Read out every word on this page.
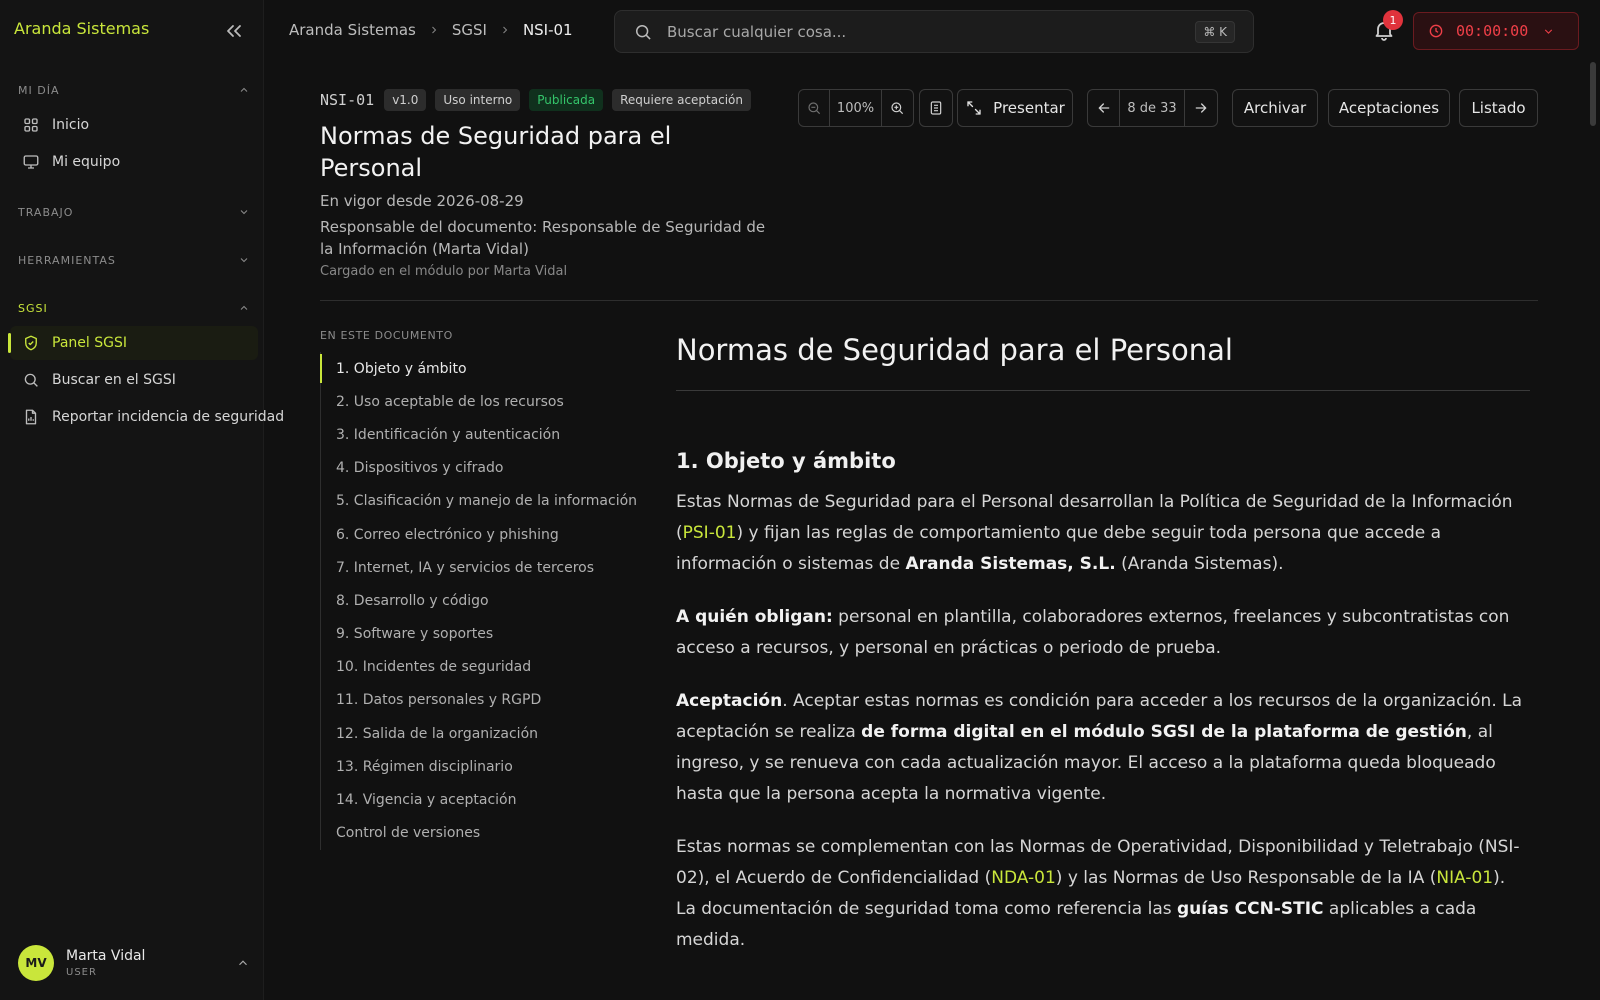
Aranda Sistemas
MI DÍA
Inicio
Mi equipo
TRABAJO
HERRAMIENTAS
SGSI
Panel SGSI
Buscar en el SGSI
Reportar incidencia de seguridad
MV	Marta Vidal
USER
Aranda Sistemas SGSI NSI-01
Buscar cualquier cosa...	⌘ K
1
00:00:00
NSI-01	v1.0	Uso interno	Publicada	Requiere aceptación
Normas de Seguridad para el Personal
En vigor desde 2026-08-29
Responsable del documento: Responsable de Seguridad de la Información (Marta Vidal)
Cargado en el módulo por Marta Vidal
100%	Presentar	8 de 33	Archivar	Aceptaciones	Listado
EN ESTE DOCUMENTO
1. Objeto y ámbito
2. Uso aceptable de los recursos
3. Identificación y autenticación
4. Dispositivos y cifrado
5. Clasificación y manejo de la información
6. Correo electrónico y phishing
7. Internet, IA y servicios de terceros
8. Desarrollo y código
9. Software y soportes
10. Incidentes de seguridad
11. Datos personales y RGPD
12. Salida de la organización
13. Régimen disciplinario
14. Vigencia y aceptación
Control de versiones
Normas de Seguridad para el Personal
1. Objeto y ámbito

Estas Normas de Seguridad para el Personal desarrollan la Política de Seguridad de la Información (PSI-01) y fijan las reglas de comportamiento que debe seguir toda persona que accede a información o sistemas de Aranda Sistemas, S.L. (Aranda Sistemas).

A quién obligan: personal en plantilla, colaboradores externos, freelances y subcontratistas con acceso a recursos, y personal en prácticas o periodo de prueba.

Aceptación. Aceptar estas normas es condición para acceder a los recursos de la organización. La aceptación se realiza de forma digital en el módulo SGSI de la plataforma de gestión, al ingreso, y se renueva con cada actualización mayor. El acceso a la plataforma queda bloqueado hasta que la persona acepta la normativa vigente.

Estas normas se complementan con las Normas de Operatividad, Disponibilidad y Teletrabajo (NSI-02), el Acuerdo de Confidencialidad (NDA-01) y las Normas de Uso Responsable de la IA (NIA-01). La documentación de seguridad toma como referencia las guías CCN-STIC aplicables a cada medida.
